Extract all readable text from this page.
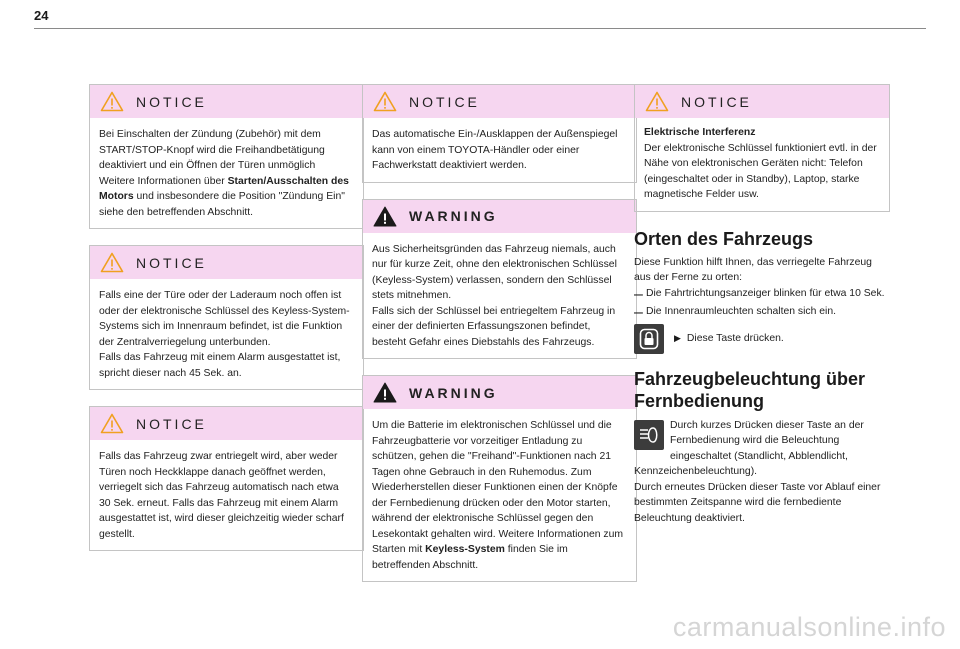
24
NOTICE

Bei Einschalten der Zündung (Zubehör) mit dem START/STOP-Knopf wird die Freihandbetätigung deaktiviert und ein Öffnen der Türen unmöglich Weitere Informationen über Starten/Ausschalten des Motors und insbesondere die Position "Zündung Ein" siehe den betreffenden Abschnitt.

NOTICE

Falls eine der Türe oder der Laderaum noch offen ist oder der elektronische Schlüssel des Keyless-System-Systems sich im Innenraum befindet, ist die Funktion der Zentralverriegelung unterbunden.

Falls das Fahrzeug mit einem Alarm ausgestattet ist, spricht dieser nach 45 Sek. an.

NOTICE

Falls das Fahrzeug zwar entriegelt wird, aber weder Türen noch Heckklappe danach geöffnet werden, verriegelt sich das Fahrzeug automatisch nach etwa 30 Sek. erneut. Falls das Fahrzeug mit einem Alarm ausgestattet ist, wird dieser gleichzeitig wieder scharf gestellt.

NOTICE

Das automatische Ein-/Ausklappen der Außenspiegel kann von einem TOYOTA-Händler oder einer Fachwerkstatt deaktiviert werden.

WARNING

Aus Sicherheitsgründen das Fahrzeug niemals, auch nur für kurze Zeit, ohne den elektronischen Schlüssel (Keyless-System) verlassen, sondern den Schlüssel stets mitnehmen.

Falls sich der Schlüssel bei entriegeltem Fahrzeug in einer der definierten Erfassungszonen befindet, besteht Gefahr eines Diebstahls des Fahrzeugs.

WARNING

Um die Batterie im elektronischen Schlüssel und die Fahrzeugbatterie vor vorzeitiger Entladung zu schützen, gehen die "Freihand"-Funktionen nach 21 Tagen ohne Gebrauch in den Ruhemodus. Zum Wiederherstellen dieser Funktionen einen der Knöpfe der Fernbedienung drücken oder den Motor starten, während der elektronische Schlüssel gegen den Lesekontakt gehalten wird. Weitere Informationen zum Starten mit Keyless-System finden Sie im betreffenden Abschnitt.

NOTICE

Elektrische Interferenz

Der elektronische Schlüssel funktioniert evtl. in der Nähe von elektronischen Geräten nicht: Telefon (eingeschaltet oder in Standby), Laptop, starke magnetische Felder usw.

Orten des Fahrzeugs

Diese Funktion hilft Ihnen, das verriegelte Fahrzeug aus der Ferne zu orten:

– Die Fahrtrichtungsanzeiger blinken für etwa 10 Sek.

– Die Innenraumleuchten schalten sich ein.

▶ Diese Taste drücken.

Fahrzeugbeleuchtung über Fernbedienung

Durch kurzes Drücken dieser Taste an der Fernbedienung wird die Beleuchtung eingeschaltet (Standlicht, Abblendlicht, Kennzeichenbeleuchtung).

Durch erneutes Drücken dieser Taste vor Ablauf einer bestimmten Zeitspanne wird die fernbediente Beleuchtung deaktiviert.

carmanualsonline.info
